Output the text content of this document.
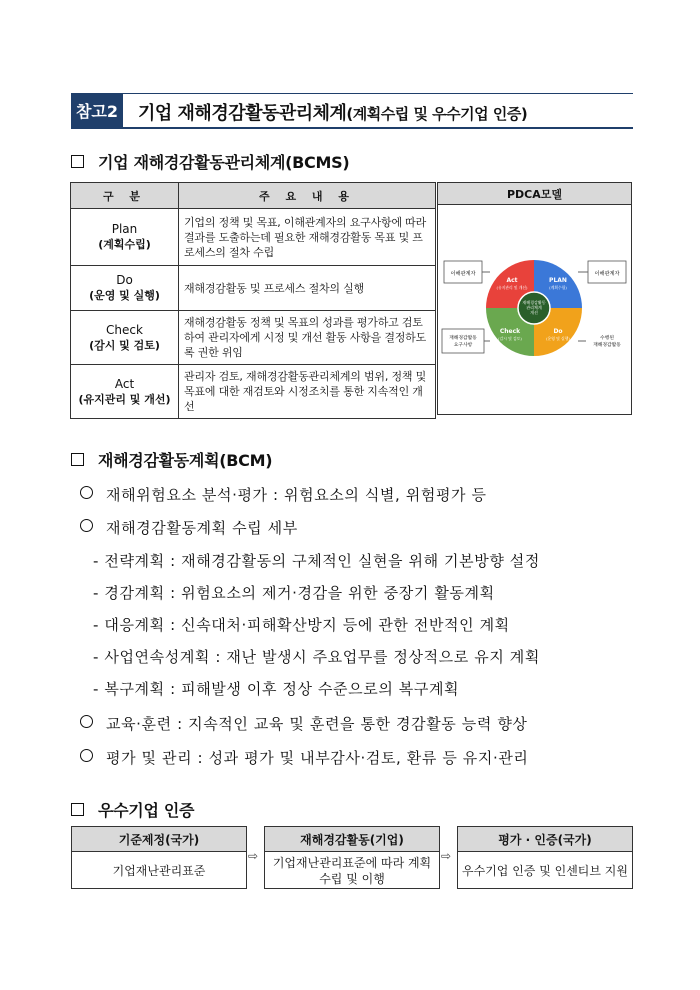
참고2 기업 재해경감활동관리체계(계획수립 및 우수기업 인증)
기업 재해경감활동관리체계(BCMS)
구 분	주 요 내 용

Plan
(계획수립)	기업의 정책 및 목표, 이해관계자의 요구사항에 따라 결과를 도출하는데 필요한 재해경감활동 목표 및 프로세스의 절차 수립

Do
(운영 및 실행)	재해경감활동 및 프로세스 절차의 실행

Check
(감시 및 검토)	재해경감활동 정책 및 목표의 성과를 평가하고 검토하여 관리자에게 시정 및 개선 활동 사항을 결정하도록 권한 위임

Act
(유지관리 및 개선)	관리자 검토, 재해경감활동관리체계의 범위, 정책 및 목표에 대한 재검토와 시정조치를 통한 지속적인 개선
PDCA모델
이해관계자
재해경감활동
요구사항
이해관계자
수행된
재해경감활동
재해경감활동
관리체계
개선
Act
(유지관리 및 개선)
PLAN
(계획수립)
Check
(감시 및 검토)
Do
(운영 및 실행)
재해경감활동계획(BCM)
재해위험요소 분석·평가 : 위험요소의 식별, 위험평가 등
재해경감활동계획 수립 세부
- 전략계획 : 재해경감활동의 구체적인 실현을 위해 기본방향 설정
- 경감계획 : 위험요소의 제거·경감을 위한 중장기 활동계획
- 대응계획 : 신속대처·피해확산방지 등에 관한 전반적인 계획
- 사업연속성계획 : 재난 발생시 주요업무를 정상적으로 유지 계획
- 복구계획 : 피해발생 이후 정상 수준으로의 복구계획
교육·훈련 : 지속적인 교육 및 훈련을 통한 경감활동 능력 향상
평가 및 관리 : 성과 평가 및 내부감사·검토, 환류 등 유지·관리
우수기업 인증
기준제정(국가)
기업재난관리표준
⇨
재해경감활동(기업)
기업재난관리표준에 따라 계획 수립 및 이행
⇨
평가 · 인증(국가)
우수기업 인증 및 인센티브 지원
